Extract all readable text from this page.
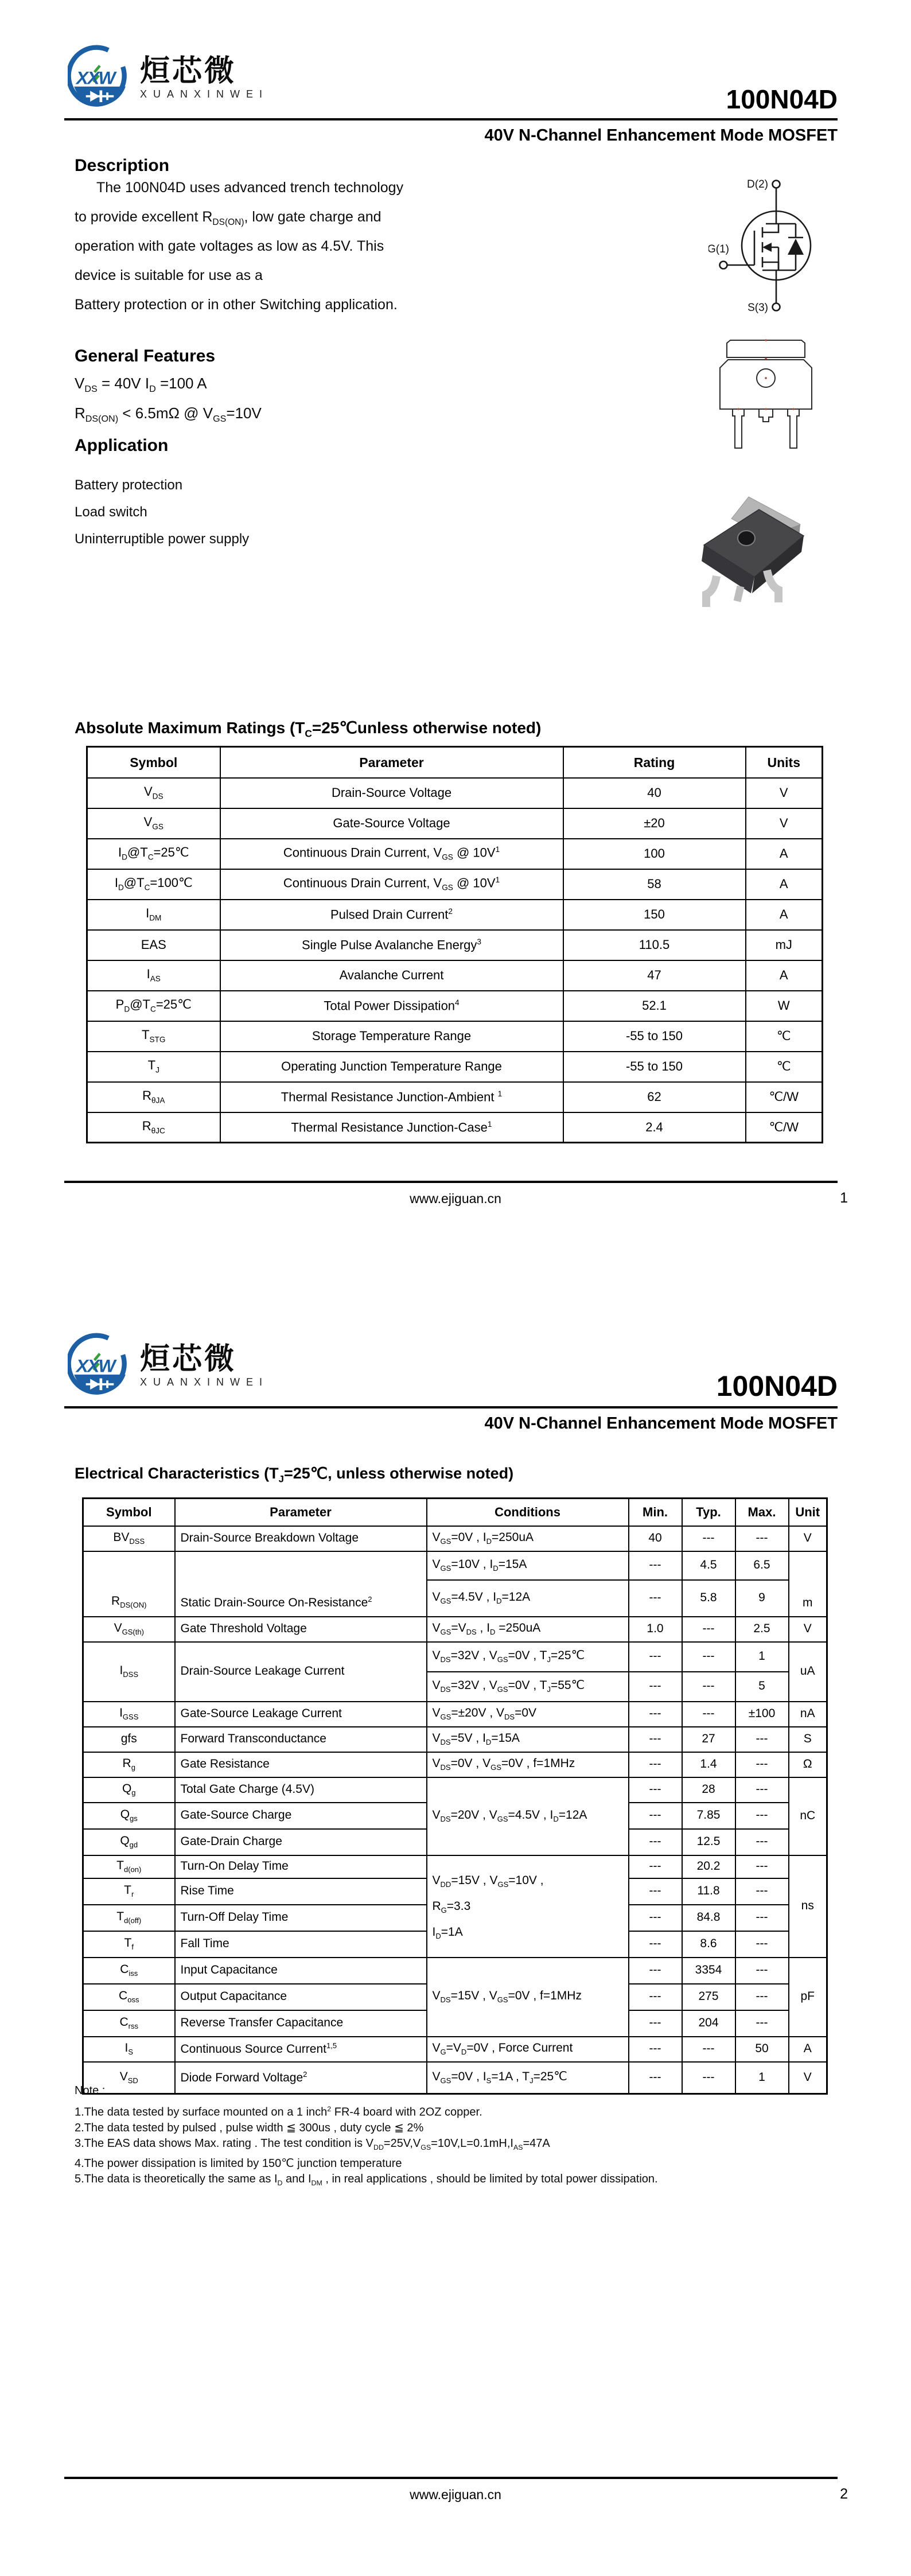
XXW 烜芯微
XUANXINWEI	100N04D
40V N-Channel Enhancement Mode MOSFET
Description
The 100N04D uses advanced trench technology
to provide excellent $R_{DS(ON)}$, low gate charge and
operation with gate voltages as low as 4.5V. This
device is suitable for use as a
Battery protection or in other Switching application.
General Features
$V_{DS} = 40V$ $I_D =100$ A
$R_{DS(ON)} < 6.5m\Omega$ @ $V_{GS}=10V$
Application
Battery protection
Load switch
Uninterruptible power supply
D(2)
G(1)
S(3)
Absolute Maximum Ratings ($T_C=25℃unless$ otherwise noted)
Symbol	Parameter	Rating	Units
$V_{DS}$	Drain-Source Voltage	40	V
$V_{GS}$	Gate-Source Voltage	±20	V
$I_D@T_C=25℃$	Continuous Drain Current, $V_{GS}$ @ $10V^1$	100	A
$I_D@T_C=100℃$	Continuous Drain Current, $V_{GS}$ @ $10V^1$	58	A
$I_{DM}$	Pulsed Drain Current$^2$	150	A
EAS	Single Pulse Avalanche Energy$^3$	110.5	mJ
$I_{AS}$	Avalanche Current	47	A
$P_D@T_C=25℃$	Total Power Dissipation$^4$	52.1	W
$T_{STG}$	Storage Temperature Range	-55 to 150	℃
$T_J$	Operating Junction Temperature Range	-55 to 150	℃
$R_{\theta JA}$	Thermal Resistance Junction-Ambient $^1$	62	℃/W
$R_{\theta JC}$	Thermal Resistance Junction-Case$^1$	2.4	℃/W
www.ejiguan.cn	1
XXW 烜芯微
XUANXINWEI	100N04D
40V N-Channel Enhancement Mode MOSFET
Electrical Characteristics ($T_J=25℃$, unless otherwise noted)
Symbol	Parameter	Conditions	Min.	Typ.	Max.	Unit
$BV_{DSS}$	Drain-Source Breakdown Voltage	$V_{GS}=0V$ , $I_D=250uA$	40	---	---	V
$R_{DS(ON)}$	Static Drain-Source On-Resistance$^2$	$V_{GS}=10V$ , $I_D=15A$	---	4.5	6.5	m
		$V_{GS}=4.5V$ , $I_D=12A$	---	5.8	9	
$V_{GS(th)}$	Gate Threshold Voltage	$V_{GS}=V_{DS}$ , $I_D =250uA$	1.0	---	2.5	V
$I_{DSS}$	Drain-Source Leakage Current	$V_{DS}=32V$ , $V_{GS}=0V$ , $T_J=25℃$	---	---	1	uA
		$V_{DS}=32V$ , $V_{GS}=0V$ , $T_J=55℃$	---	---	5	
$I_{GSS}$	Gate-Source Leakage Current	$V_{GS}=\pm 20V$ , $V_{DS}=0V$	---	---	±100	nA
gfs	Forward Transconductance	$V_{DS}=5V$ , $I_D=15A$	---	27	---	S
$R_g$	Gate Resistance	$V_{DS}=0V$ , $V_{GS}=0V$ , f=1MHz	---	1.4	---	Ω
$Q_g$	Total Gate Charge (4.5V)	$V_{DS}=20V$ , $V_{GS}=4.5V$ , $I_D=12A$	---	28	---	nC
$Q_{gs}$	Gate-Source Charge		---	7.85	---	
$Q_{gd}$	Gate-Drain Charge		---	12.5	---	
$T_{d(on)}$	Turn-On Delay Time	$V_{DD}=15V$ , $V_{GS}=10V$ ,
$R_G=3.3$
$I_D=1A$	---	20.2	---	ns
$T_r$	Rise Time		---	11.8	---	
$T_{d(off)}$	Turn-Off Delay Time		---	84.8	---	
$T_f$	Fall Time		---	8.6	---	
$C_{iss}$	Input Capacitance	$V_{DS}=15V$ , $V_{GS}=0V$ , f=1MHz	---	3354	---	pF
$C_{oss}$	Output Capacitance		---	275	---	
$C_{rss}$	Reverse Transfer Capacitance		---	204	---	
$I_S$	Continuous Source Current$^{1,5}$	$V_G=V_D=0V$ , Force Current	---	---	50	A
$V_{SD}$	Diode Forward Voltage$^2$	$V_{GS}=0V$ , $I_S=1A$ , $T_J=25℃$	---	---	1	V
Note :
1.The data tested by surface mounted on a 1 inch$^2$ FR-4 board with 2OZ copper.
2.The data tested by pulsed , pulse width ≦ 300us , duty cycle ≦ 2%
3.The EAS data shows Max. rating . The test condition is $V_{DD}=25V,V_{GS}=10V,L=0.1mH,I_{AS}=47A$
4.The power dissipation is limited by 150℃ junction temperature
5.The data is theoretically the same as $I_D$ and $I_{DM}$ , in real applications , should be limited by total power dissipation.
www.ejiguan.cn	2
